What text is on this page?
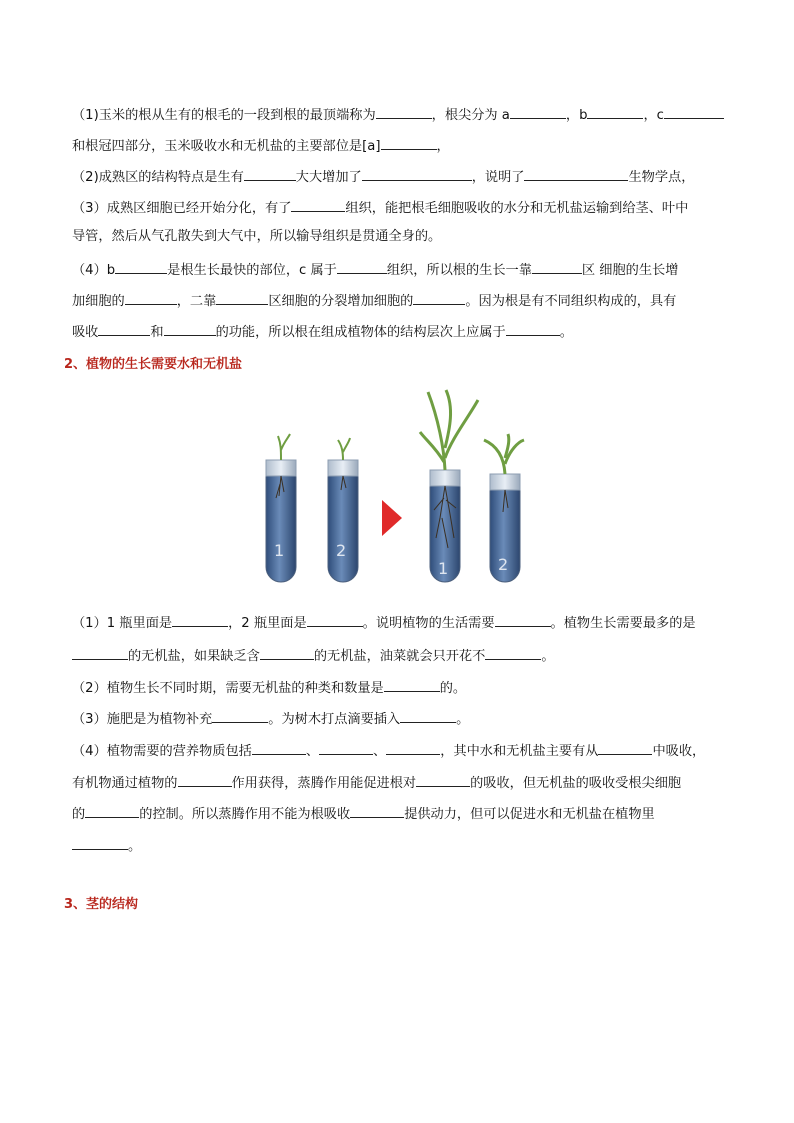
（1)玉米的根从生有的根毛的一段到根的最顶端称为	，根尖分为 a	，b	，c
和根冠四部分，玉米吸收水和无机盐的主要部位是[a]	，
（2)成熟区的结构特点是生有	大大增加了	，说明了	生物学点，
（3）成熟区细胞已经开始分化，有了	组织，能把根毛细胞吸收的水分和无机盐运输到给茎、叶中
导管，然后从气孔散失到大气中，所以输导组织是贯通全身的。
（4）b	是根生长最快的部位，c 属于	组织，所以根的生长一靠	区 细胞的生长增
加细胞的	，二靠	区细胞的分裂增加细胞的	。因为根是有不同组织构成的，具有
吸收	和	的功能，所以根在组成植物体的结构层次上应属于	。
2、植物的生长需要水和无机盐
1	2
1	2
（1）1 瓶里面是	，2 瓶里面是	。说明植物的生活需要	。植物生长需要最多的是
的无机盐，如果缺乏含	的无机盐，油菜就会只开花不	。
（2）植物生长不同时期，需要无机盐的种类和数量是	的。
（3）施肥是为植物补充	。为树木打点滴要插入	。
（4）植物需要的营养物质包括	、	、	，其中水和无机盐主要有从	中吸收，
有机物通过植物的	作用获得，蒸腾作用能促进根对	的吸收，但无机盐的吸收受根尖细胞
的	的控制。所以蒸腾作用不能为根吸收	提供动力，但可以促进水和无机盐在植物里
。
3、茎的结构
